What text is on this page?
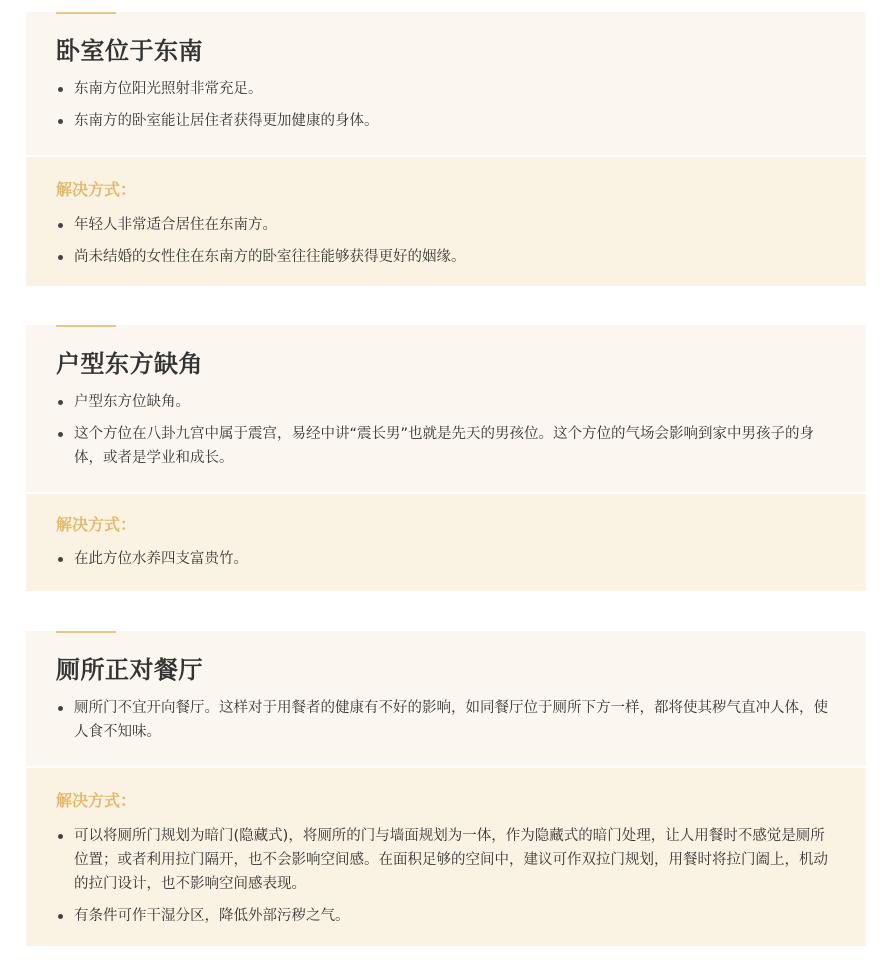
卧室位于东南
东南方位阳光照射非常充足。
东南方的卧室能让居住者获得更加健康的身体。

解决方式：

年轻人非常适合居住在东南方。
尚未结婚的女性住在东南方的卧室往往能够获得更好的姻缘。
户型东方缺角
户型东方位缺角。
这个方位在八卦九宫中属于震宫，易经中讲“震长男”也就是先天的男孩位。这个方位的气场会影响到家中男孩子的身体，或者是学业和成长。

解决方式：

在此方位水养四支富贵竹。
厕所正对餐厅
厕所门不宜开向餐厅。这样对于用餐者的健康有不好的影响，如同餐厅位于厕所下方一样，都将使其秽气直冲人体，使人食不知味。

解决方式：

可以将厕所门规划为暗门(隐藏式)，将厕所的门与墙面规划为一体，作为隐藏式的暗门处理，让人用餐时不感觉是厕所位置；或者利用拉门隔开，也不会影响空间感。在面积足够的空间中，建议可作双拉门规划，用餐时将拉门阖上，机动的拉门设计，也不影响空间感表现。
有条件可作干湿分区，降低外部污秽之气。
